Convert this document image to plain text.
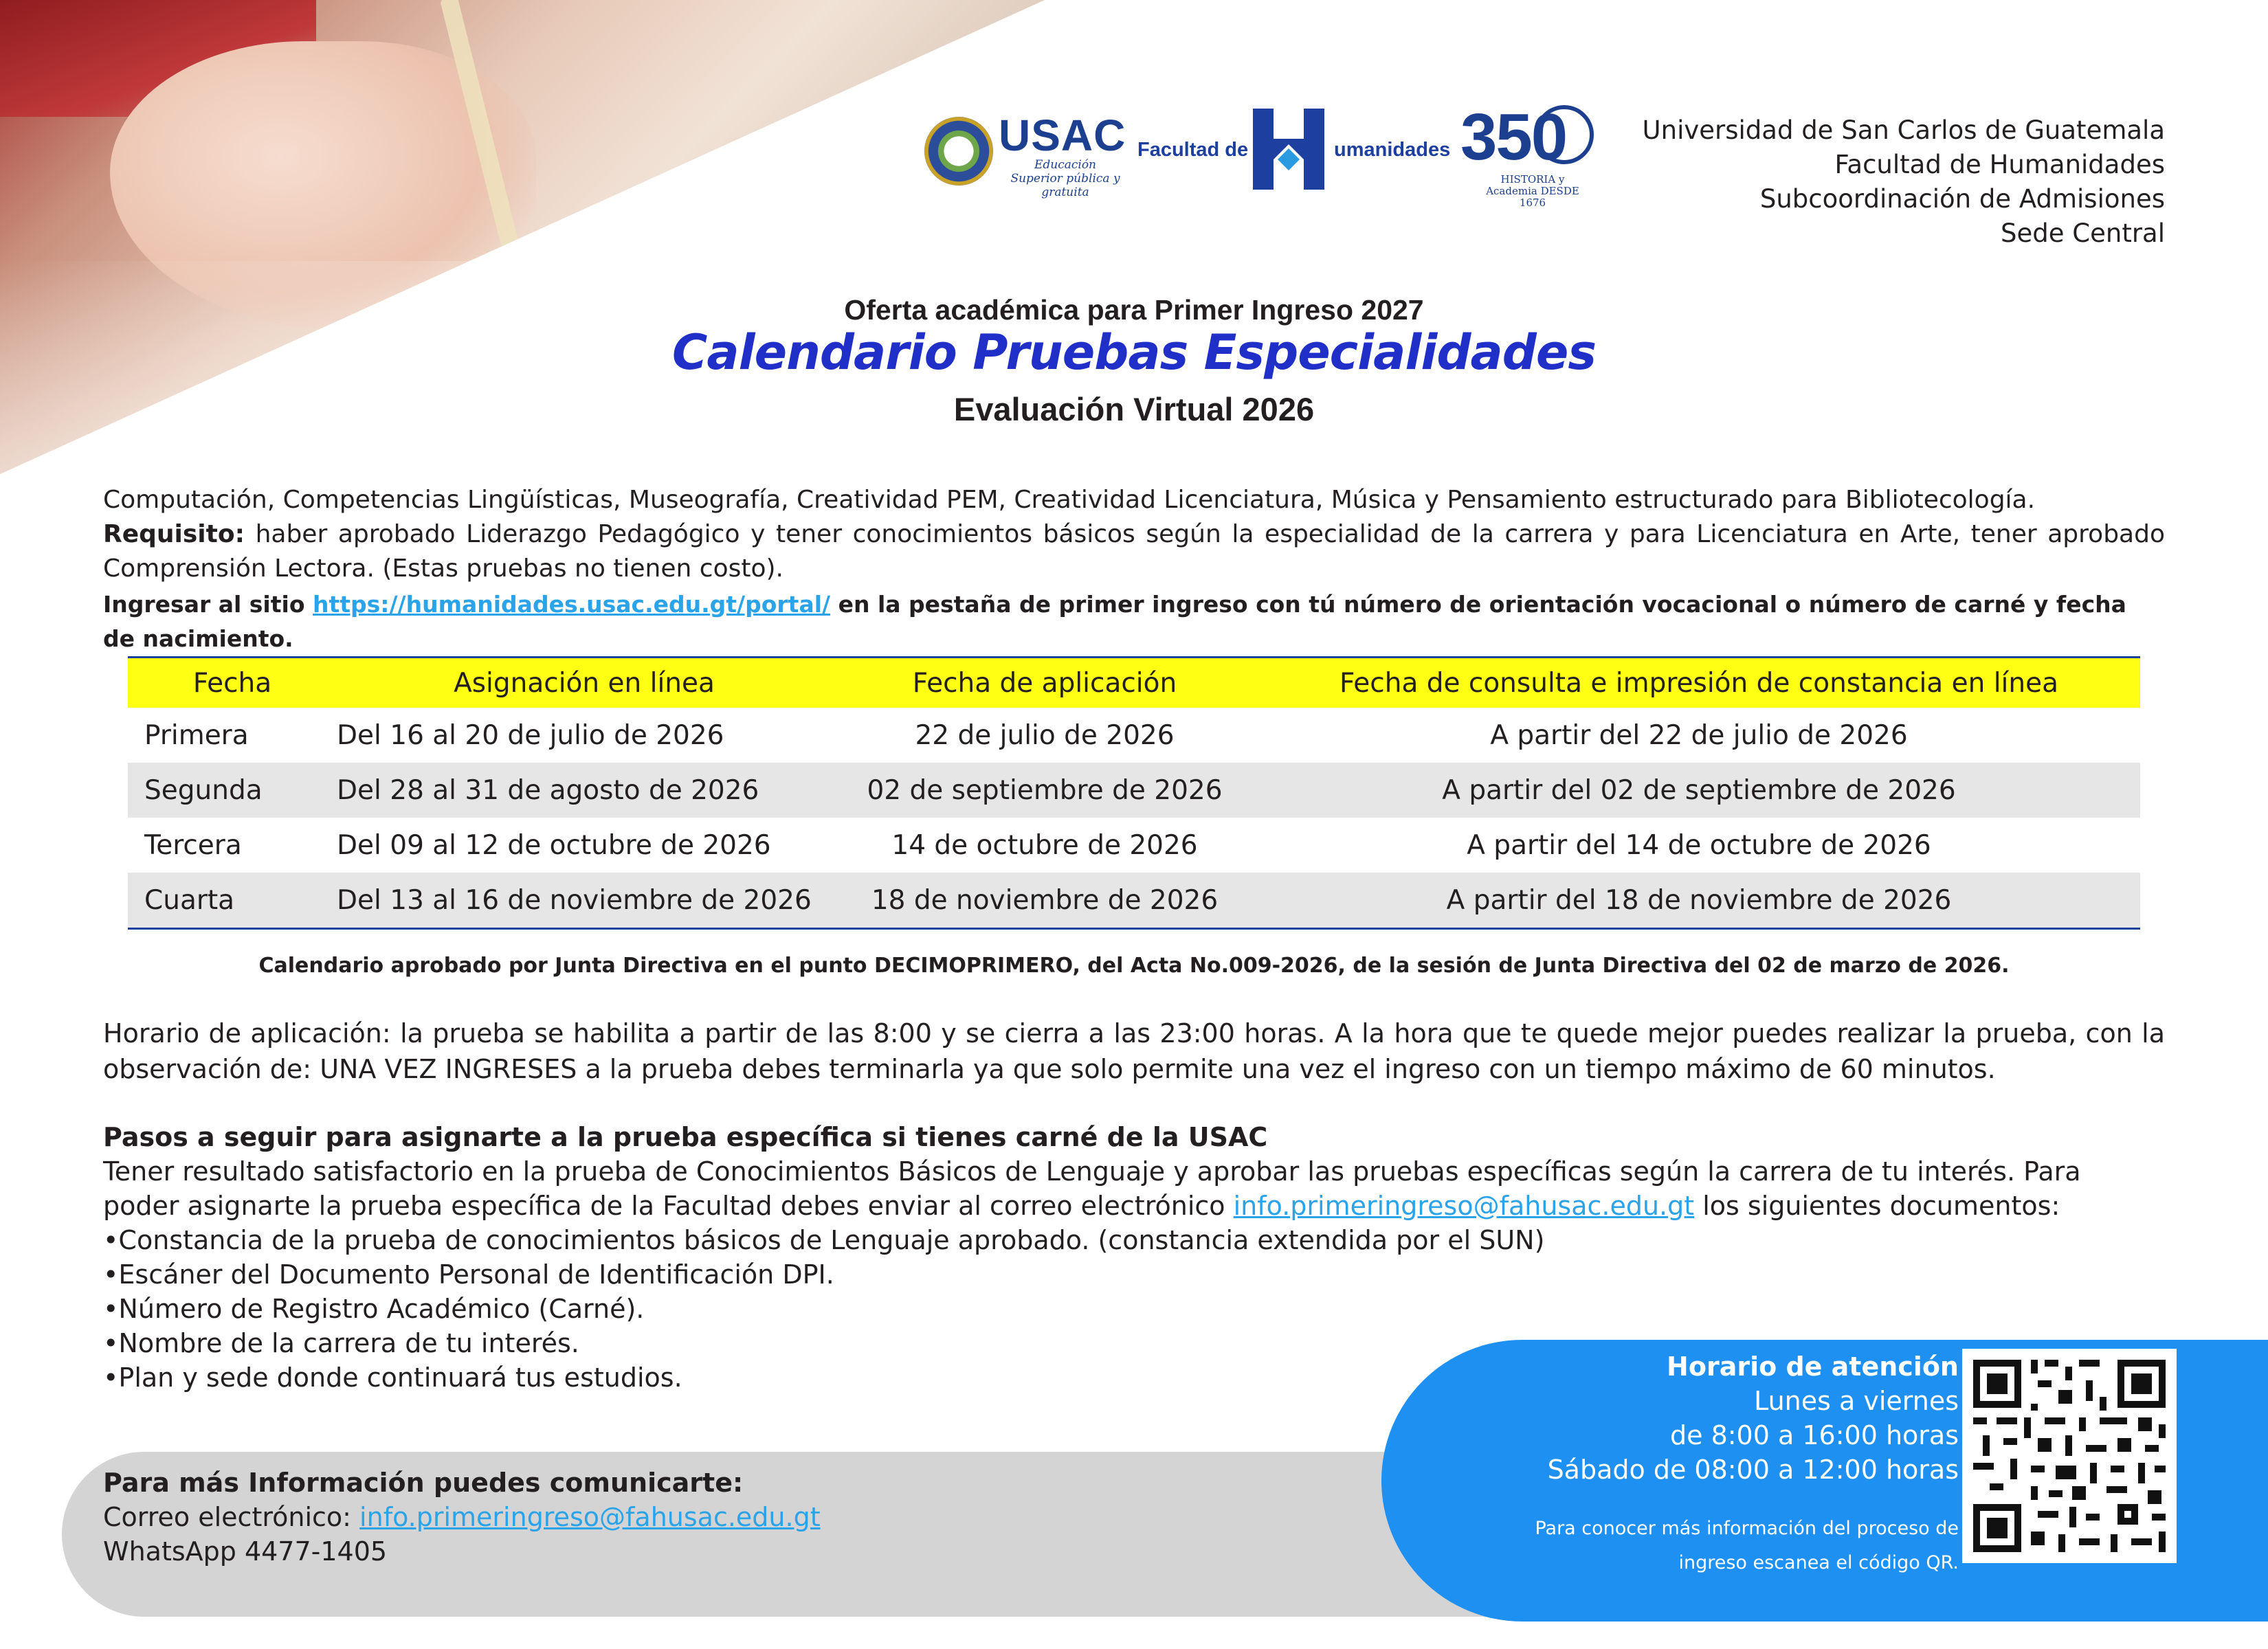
USAC
Educación Superior pública y gratuita
Facultad de	umanidades 350
HISTORIA y Academia DESDE 1676
Universidad de San Carlos de Guatemala
Facultad de Humanidades
Subcoordinación de Admisiones
Sede Central
Oferta académica para Primer Ingreso 2027
Calendario Pruebas Especialidades
Evaluación Virtual 2026

Computación, Competencias Lingüísticas, Museografía, Creatividad PEM, Creatividad Licenciatura, Música y Pensamiento estructurado para Bibliotecología.

Requisito: haber aprobado Liderazgo Pedagógico y tener conocimientos básicos según la especialidad de la carrera y para Licenciatura en Arte, tener aprobado Comprensión Lectora. (Estas pruebas no tienen costo).

Ingresar al sitio https://humanidades.usac.edu.gt/portal/ en la pestaña de primer ingreso con tú número de orientación vocacional o número de carné y fecha de nacimiento.

Fecha	Asignación en línea	Fecha de aplicación	Fecha de consulta e impresión de constancia en línea
Primera	Del 16 al 20 de julio de 2026	22 de julio de 2026	A partir del 22 de julio de 2026
Segunda	Del 28 al 31 de agosto de 2026	02 de septiembre de 2026	A partir del 02 de septiembre de 2026
Tercera	Del 09 al 12 de octubre de 2026	14 de octubre de 2026	A partir del 14 de octubre de 2026
Cuarta	Del 13 al 16 de noviembre de 2026	18 de noviembre de 2026	A partir del 18 de noviembre de 2026
Calendario aprobado por Junta Directiva en el punto DECIMOPRIMERO, del Acta No.009-2026, de la sesión de Junta Directiva del 02 de marzo de 2026.
Horario de aplicación: la prueba se habilita a partir de las 8:00 y se cierra a las 23:00 horas. A la hora que te quede mejor puedes realizar la prueba, con la observación de: UNA VEZ INGRESES a la prueba debes terminarla ya que solo permite una vez el ingreso con un tiempo máximo de 60 minutos.

Pasos a seguir para asignarte a la prueba específica si tienes carné de la USAC

Tener resultado satisfactorio en la prueba de Conocimientos Básicos de Lenguaje y aprobar las pruebas específicas según la carrera de tu interés. Para poder asignarte la prueba específica de la Facultad debes enviar al correo electrónico info.primeringreso@fahusac.edu.gt los siguientes documentos:

• Constancia de la prueba de conocimientos básicos de Lenguaje aprobado. (constancia extendida por el SUN)
• Escáner del Documento Personal de Identificación DPI.
• Número de Registro Académico (Carné).
• Nombre de la carrera de tu interés.
• Plan y sede donde continuará tus estudios.
Para más Información puedes comunicarte:
Correo electrónico: info.primeringreso@fahusac.edu.gt
WhatsApp 4477-1405
Horario de atención
Lunes a viernes
de 8:00 a 16:00 horas
Sábado de 08:00 a 12:00 horas
Para conocer más información del proceso de
ingreso escanea el código QR.
